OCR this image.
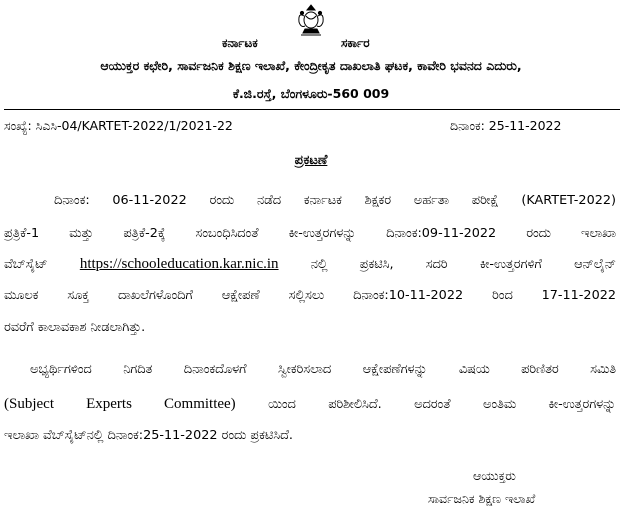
ಕರ್ನಾಟಕ	ಸರ್ಕಾರ
ಆಯುಕ್ತರ ಕಛೇರಿ, ಸಾರ್ವಜನಿಕ ಶಿಕ್ಷಣ ಇಲಾಖೆ, ಕೇಂದ್ರೀಕೃತ ದಾಖಲಾತಿ ಘಟಕ, ಕಾವೇರಿ ಭವನದ ಎದುರು,
ಕೆ.ಜಿ.ರಸ್ತೆ, ಬೆಂಗಳೂರು-560 009
ಸಂಖ್ಯೆ: ಸಿಎಸಿ-04/KARTET-2022/1/2021-22	ದಿನಾಂಕ: 25-11-2022
ಪ್ರಕಟಣೆ
ದಿನಾಂಕ: 06-11-2022 ರಂದು ನಡೆದ ಕರ್ನಾಟಕ ಶಿಕ್ಷಕರ ಅರ್ಹತಾ ಪರೀಕ್ಷೆ (KARTET-2022)
ಪ್ರತ್ರಿಕೆ-1 ಮತ್ತು ಪತ್ರಿಕೆ-2ಕ್ಕೆ ಸಂಬಂಧಿಸಿದಂತೆ ಕೀ-ಉತ್ತರಗಳನ್ನು ದಿನಾಂಕ:09-11-2022 ರಂದು ಇಲಾಖಾ
ವೆಬ್‌ಸೈಟ್ https://schooleducation.kar.nic.in	ನಲ್ಲಿ ಪ್ರಕಟಿಸಿ, ಸದರಿ ಕೀ-ಉತ್ತರಗಳಿಗೆ ಆನ್‌ಲೈನ್
ಮೂಲಕ ಸೂಕ್ತ ದಾಖಲೆಗಳೊಂದಿಗೆ ಆಕ್ಷೇಪಣೆ ಸಲ್ಲಿಸಲು ದಿನಾಂಕ:10-11-2022 ರಿಂದ 17-11-2022
ರವರೆಗೆ ಕಾಲಾವಕಾಶ ನೀಡಲಾಗಿತ್ತು.
ಅಭ್ಯರ್ಥಿಗಳಿಂದ ನಿಗದಿತ ದಿನಾಂಕದೊಳಗೆ ಸ್ವೀಕರಿಸಲಾದ ಆಕ್ಷೇಪಣೆಗಳನ್ನು ವಿಷಯ ಪರಿಣಿತರ ಸಮಿತಿ
(Subject Experts Committee)	ಯಿಂದ ಪರಿಶೀಲಿಸಿದೆ. ಅದರಂತೆ ಅಂತಿಮ ಕೀ-ಉತ್ತರಗಳನ್ನು
ಇಲಾಖಾ ವೆಬ್‌ಸೈಟ್‌ನಲ್ಲಿ ದಿನಾಂಕ:25-11-2022 ರಂದು ಪ್ರಕಟಿಸಿದೆ.
ಆಯುಕ್ತರು
ಸಾರ್ವಜನಿಕ ಶಿಕ್ಷಣ ಇಲಾಖೆ
